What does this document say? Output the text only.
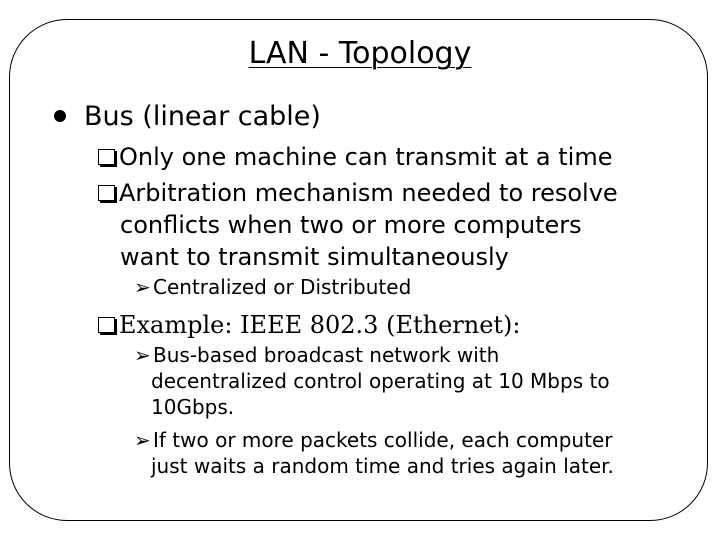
LAN - Topology
Bus (linear cable)
Only one machine can transmit at a time
Arbitration mechanism needed to resolve
conflicts when two or more computers
want to transmit simultaneously
➢ Centralized or Distributed
Example: IEEE 802.3 (Ethernet):
➢ Bus-based broadcast network with
decentralized control operating at 10 Mbps to
10Gbps.
➢ If two or more packets collide, each computer
just waits a random time and tries again later.
